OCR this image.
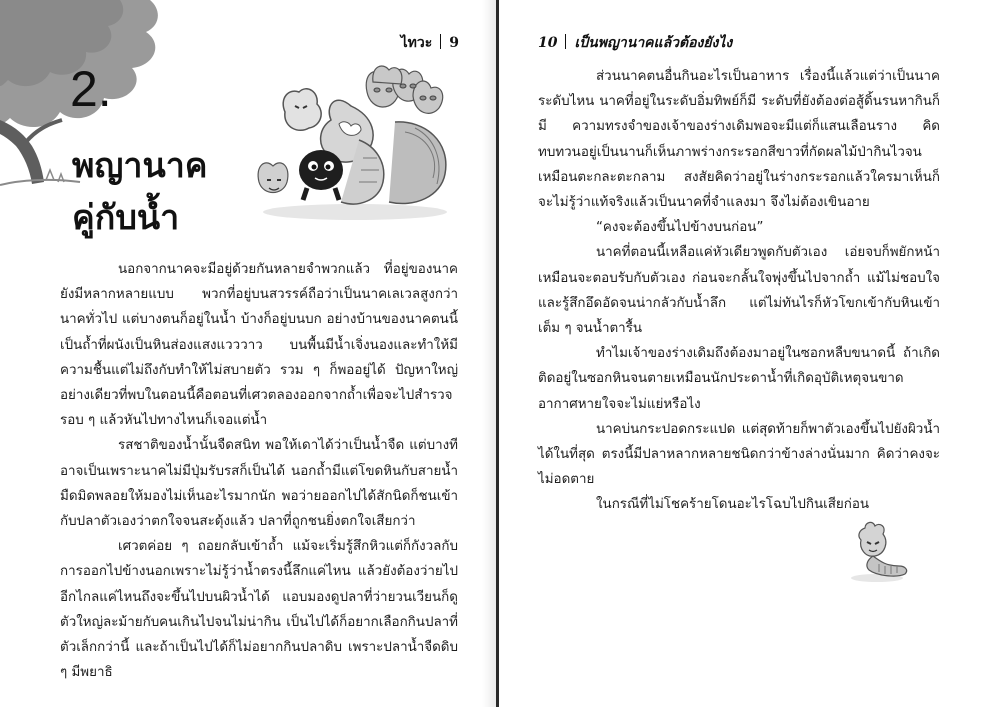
ไทวะ 9
2.
พญานาค
คู่กับน้ำ

นอกจากนาคจะมีอยู่ด้วยกันหลายจำพวกแล้ว ที่อยู่ของนาคยังมีหลากหลายแบบ พวกที่อยู่บนสวรรค์ถือว่าเป็นนาคเลเวลสูงกว่านาคทั่วไป แต่บางตนก็อยู่ในน้ำ บ้างก็อยู่บนบก อย่างบ้านของนาคตนนี้เป็นถ้ำที่ผนังเป็นหินส่องแสงแวววาว บนพื้นมีน้ำเจิ่งนองและทำให้มีความชื้นแต่ไม่ถึงกับทำให้ไม่สบายตัว รวม ๆ ก็พออยู่ได้ ปัญหาใหญ่อย่างเดียวที่พบในตอนนี้คือตอนที่เศวตลองออกจากถ้ำเพื่อจะไปสำรวจรอบ ๆ แล้วหันไปทางไหนก็เจอแต่น้ำ

รสชาติของน้ำนั้นจืดสนิท พอให้เดาได้ว่าเป็นน้ำจืด แต่บางทีอาจเป็นเพราะนาคไม่มีปุ่มรับรสก็เป็นได้ นอกถ้ำมีแต่โขดหินกับสายน้ำมืดมิดพลอยให้มองไม่เห็นอะไรมากนัก พอว่ายออกไปได้สักนิดก็ชนเข้ากับปลาตัวเองว่าตกใจจนสะดุ้งแล้ว ปลาที่ถูกชนยิ่งตกใจเสียกว่า

เศวตค่อย ๆ ถอยกลับเข้าถ้ำ แม้จะเริ่มรู้สึกหิวแต่ก็กังวลกับการออกไปข้างนอกเพราะไม่รู้ว่าน้ำตรงนี้ลึกแค่ไหน แล้วยังต้องว่ายไปอีกไกลแค่ไหนถึงจะขึ้นไปบนผิวน้ำได้ แอบมองดูปลาที่ว่ายวนเวียนก็ดูตัวใหญ่ละม้ายกับคนเกินไปจนไม่น่ากิน เป็นไปได้ก็อยากเลือกกินปลาที่ตัวเล็กกว่านี้ และถ้าเป็นไปได้ก็ไม่อยากกินปลาดิบ เพราะปลาน้ำจืดดิบ ๆ มีพยาธิ

10 เป็นพญานาคแล้วต้องยังไง

ส่วนนาคตนอื่นกินอะไรเป็นอาหาร เรื่องนี้แล้วแต่ว่าเป็นนาคระดับไหน นาคที่อยู่ในระดับอิ่มทิพย์ก็มี ระดับที่ยังต้องต่อสู้ดิ้นรนหากินก็มี ความทรงจำของเจ้าของร่างเดิมพอจะมีแต่ก็แสนเลือนราง คิดทบทวนอยู่เป็นนานก็เห็นภาพร่างกระรอกสีขาวที่กัดผลไม้ป่ากินไวจนเหมือนตะกละตะกลาม สงสัยคิดว่าอยู่ในร่างกระรอกแล้วใครมาเห็นก็จะไม่รู้ว่าแท้จริงแล้วเป็นนาคที่จำแลงมา จึงไม่ต้องเขินอาย

“คงจะต้องขึ้นไปข้างบนก่อน”

นาคที่ตอนนี้เหลือแค่หัวเดียวพูดกับตัวเอง เอ่ยจบก็พยักหน้าเหมือนจะตอบรับกับตัวเอง ก่อนจะกลั้นใจพุ่งขึ้นไปจากถ้ำ แม้ไม่ชอบใจและรู้สึกอึดอัดจนน่ากลัวกับน้ำลึก แต่ไม่ทันไรก็หัวโขกเข้ากับหินเข้าเต็ม ๆ จนน้ำตารื้น

ทำไมเจ้าของร่างเดิมถึงต้องมาอยู่ในซอกหลืบขนาดนี้ ถ้าเกิดติดอยู่ในซอกหินจนตายเหมือนนักประดาน้ำที่เกิดอุบัติเหตุจนขาดอากาศหายใจจะไม่แย่หรือไง

นาคบ่นกระปอดกระแปด แต่สุดท้ายก็พาตัวเองขึ้นไปยังผิวน้ำได้ในที่สุด ตรงนี้มีปลาหลากหลายชนิดกว่าข้างล่างนั่นมาก คิดว่าคงจะไม่อดตาย

ในกรณีที่ไม่โชคร้ายโดนอะไรโฉบไปกินเสียก่อน
